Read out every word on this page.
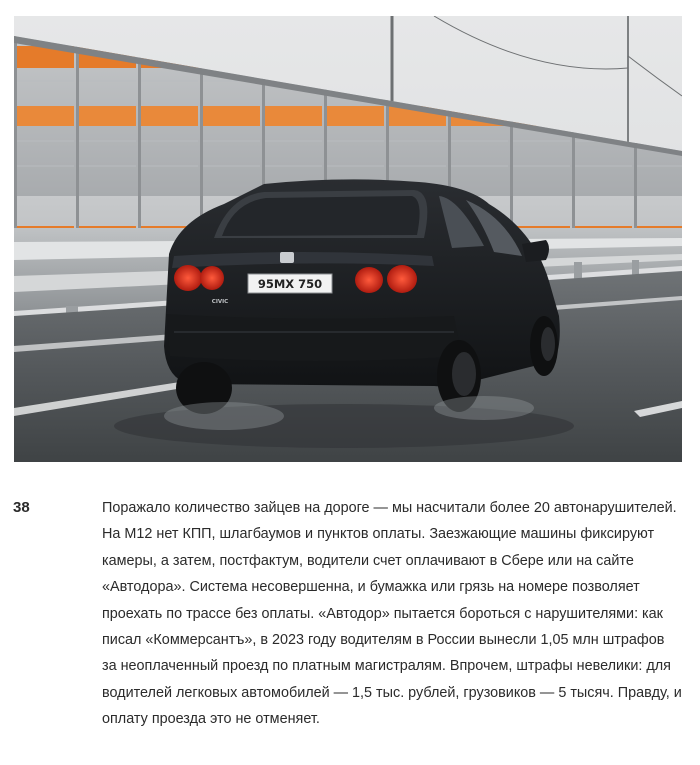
95МХ 750
CIVIC
38	Поражало количество зайцев на дороге — мы насчитали более 20 автонарушителей. На М12 нет КПП, шлагбаумов и пунктов оплаты. Заезжающие машины фиксируют камеры, а затем, постфактум, водители счет оплачивают в Сбере или на сайте «Автодора». Система несовершенна, и бумажка или грязь на номере позволяет проехать по трассе без оплаты. «Автодор» пытается бороться с нарушителями: как писал «Коммерсантъ», в 2023 году водителям в России вынесли 1,05 млн штрафов за неоплаченный проезд по платным магистралям. Впрочем, штрафы невелики: для водителей легковых автомобилей — 1,5 тыс. рублей, грузовиков — 5 тысяч. Правду, и оплату проезда это не отменяет.
